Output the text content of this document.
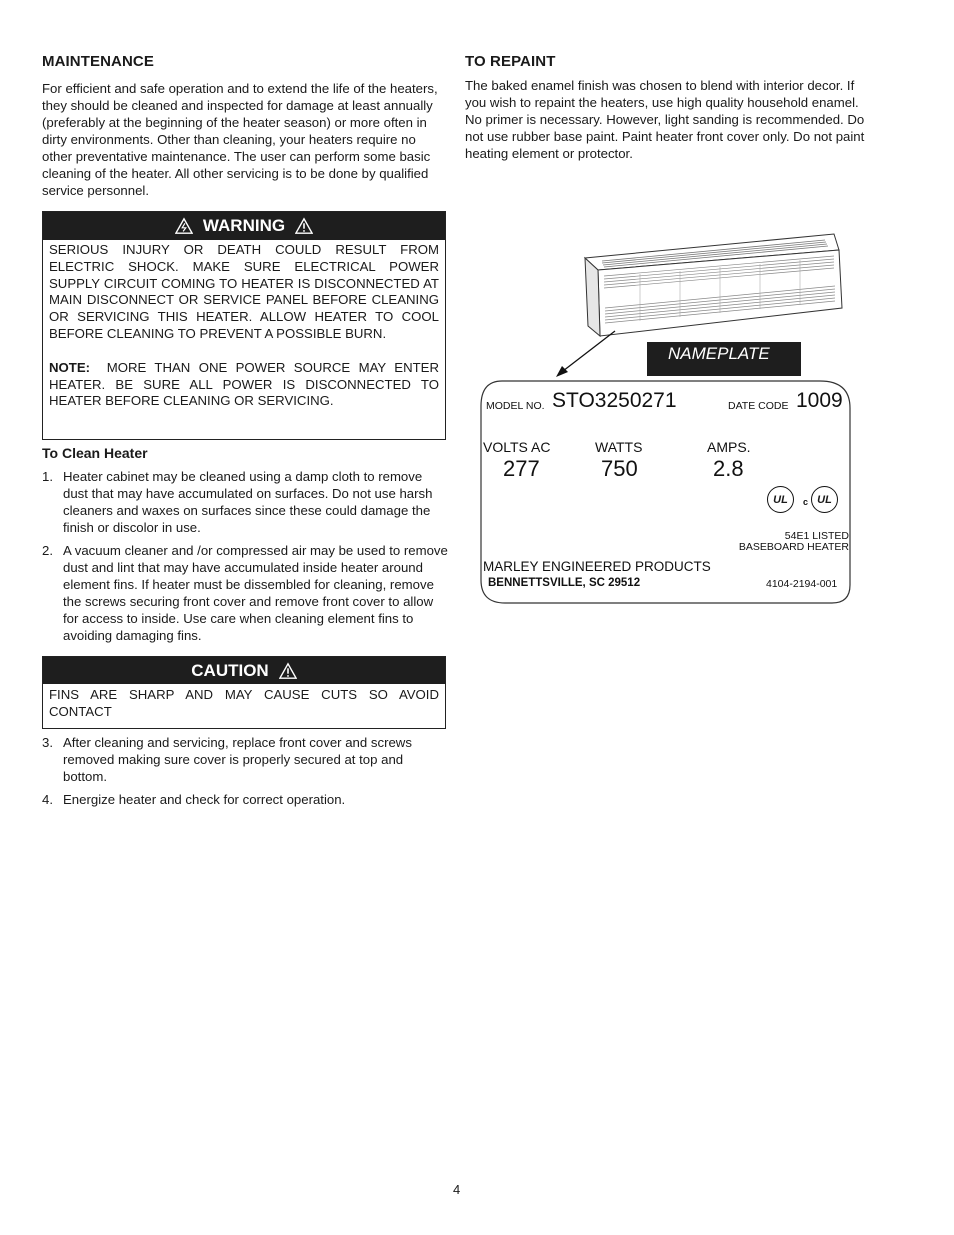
MAINTENANCE

For efficient and safe operation and to extend the life of the heaters, they should be cleaned and inspected for damage at least annually (preferably at the beginning of the heater season) or more often in dirty environments. Other than cleaning, your heaters require no other preventative maintenance. The user can perform some basic cleaning of the heater. All other servicing is to be done by qualified service personnel.

WARNING
SERIOUS INJURY OR DEATH COULD RESULT FROM ELECTRIC SHOCK. MAKE SURE ELECTRICAL POWER SUPPLY CIRCUIT COMING TO HEATER IS DISCONNECTED AT MAIN DISCONNECT OR SERVICE PANEL BEFORE CLEANING OR SERVICING THIS HEATER. ALLOW HEATER TO COOL BEFORE CLEANING TO PREVENT A POSSIBLE BURN.
NOTE: MORE THAN ONE POWER SOURCE MAY ENTER HEATER. BE SURE ALL POWER IS DISCONNECTED TO HEATER BEFORE CLEANING OR SERVICING.
To Clean Heater
1. Heater cabinet may be cleaned using a damp cloth to remove dust that may have accumulated on surfaces. Do not use harsh cleaners and waxes on surfaces since these could damage the finish or discolor in use.
2. A vacuum cleaner and /or compressed air may be used to remove dust and lint that may have accumulated inside heater around element fins. If heater must be dissembled for cleaning, remove the screws securing front cover and remove front cover to allow for access to inside. Use care when cleaning element fins to avoiding damaging fins.
CAUTION
FINS ARE SHARP AND MAY CAUSE CUTS SO AVOID CONTACT
3. After cleaning and servicing, replace front cover and screws removed making sure cover is properly secured at top and bottom.
4. Energize heater and check for correct operation.
TO REPAINT

The baked enamel finish was chosen to blend with interior decor. If you wish to repaint the heaters, use high quality household enamel. No primer is necessary. However, light sanding is recommended. Do not use rubber base paint. Paint heater front cover only. Do not paint heating element or protector.

NAMEPLATE
MODEL NO. STO3250271	DATE CODE 1009
VOLTS AC
277
WATTS
750
AMPS.
2.8
UL	c UL
54E1 LISTED
BASEBOARD HEATER
MARLEY ENGINEERED PRODUCTS
BENNETTSVILLE, SC 29512	4104-2194-001
4
